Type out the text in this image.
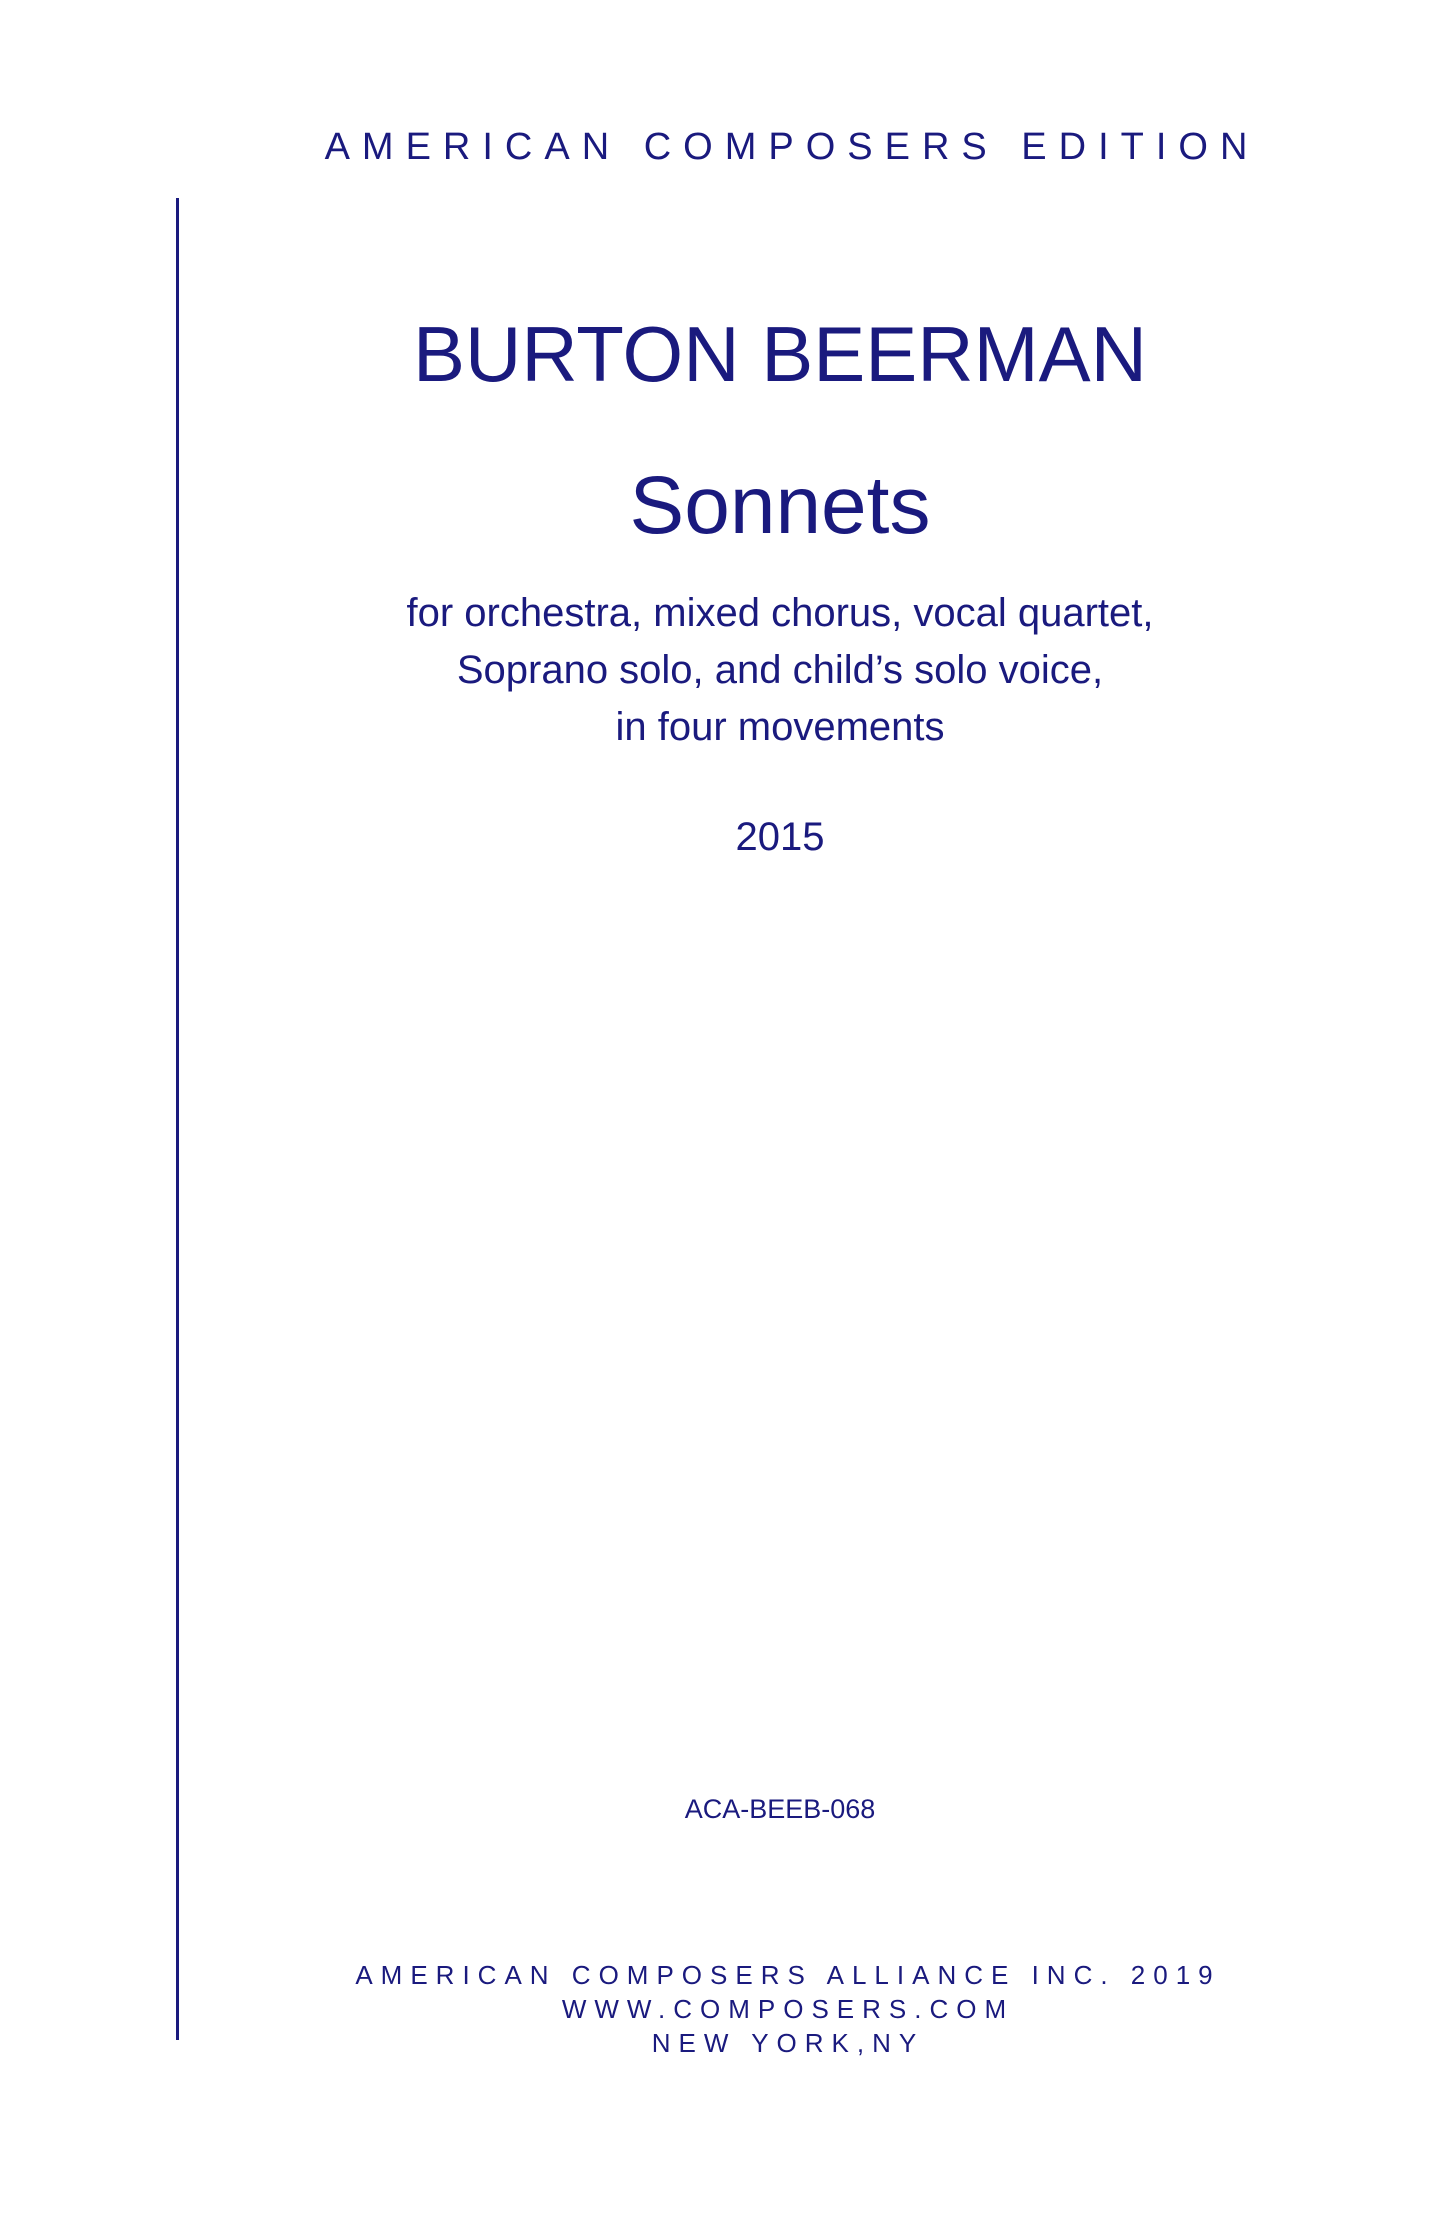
AMERICAN COMPOSERS EDITION
BURTON BEERMAN
Sonnets
for orchestra, mixed chorus, vocal quartet,
Soprano solo, and child’s solo voice,
in four movements
2015
ACA-BEEB-068
AMERICAN COMPOSERS ALLIANCE INC. 2019
WWW.COMPOSERS.COM
NEW YORK,NY
